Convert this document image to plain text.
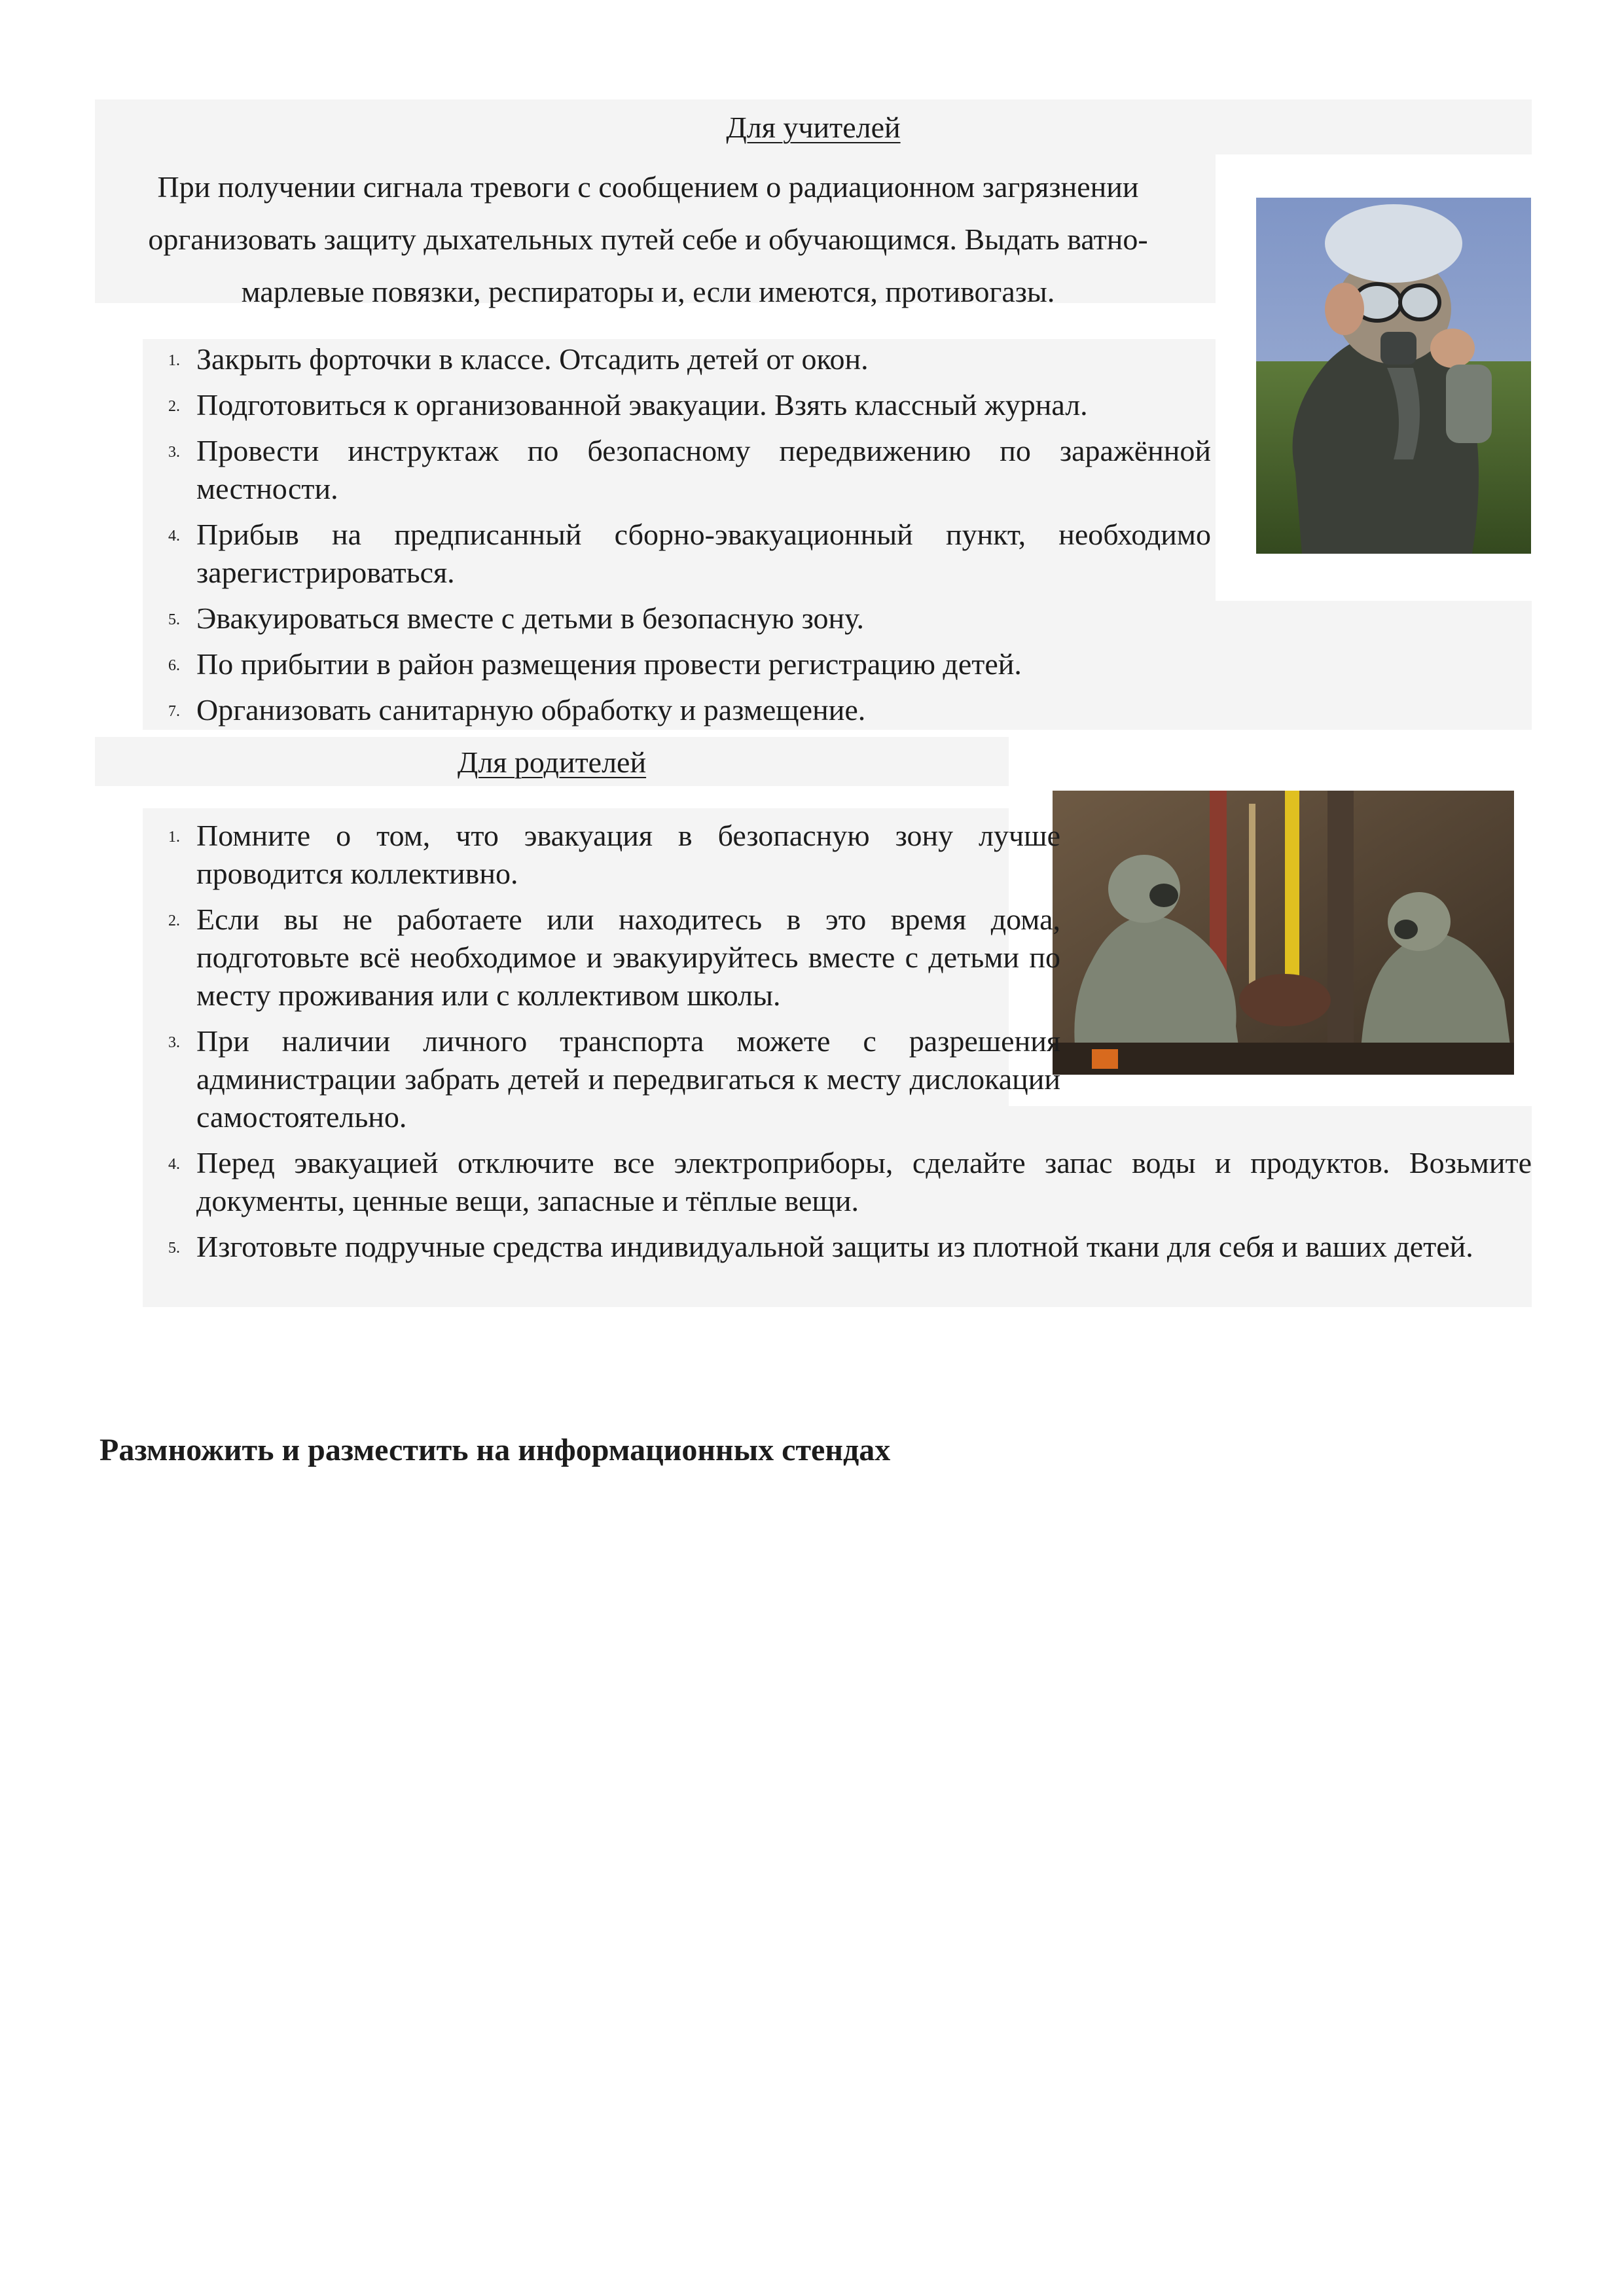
Для учителей
При получении сигнала тревоги с сообщением о радиационном загрязнении организовать защиту дыхательных путей себе и обучающимся. Выдать ватно-марлевые повязки, респираторы и, если имеются, противогазы.
1. Закрыть форточки в классе. Отсадить детей от окон.
2. Подготовиться к организованной эвакуации. Взять классный журнал.
3. Провести инструктаж по безопасному передвижению по заражённой местности.
4. Прибыв на предписанный сборно-эвакуационный пункт, необходимо зарегистрироваться.
5. Эвакуироваться вместе с детьми в безопасную зону.
6. По прибытии в район размещения провести регистрацию детей.
7. Организовать санитарную обработку и размещение.
Для родителей
1. Помните о том, что эвакуация в безопасную зону лучше проводится коллективно.
2. Если вы не работаете или находитесь в это время дома, подготовьте всё необходимое и эвакуируйтесь вместе с детьми по месту проживания или с коллективом школы.
3. При наличии личного транспорта можете с разрешения администрации забрать детей и передвигаться к месту дислокации самостоятельно.
4. Перед эвакуацией отключите все электроприборы, сделайте запас воды и продуктов. Возьмите документы, ценные вещи, запасные и тёплые вещи.
5. Изготовьте подручные средства индивидуальной защиты из плотной ткани для себя и ваших детей.
Размножить и разместить на информационных стендах
